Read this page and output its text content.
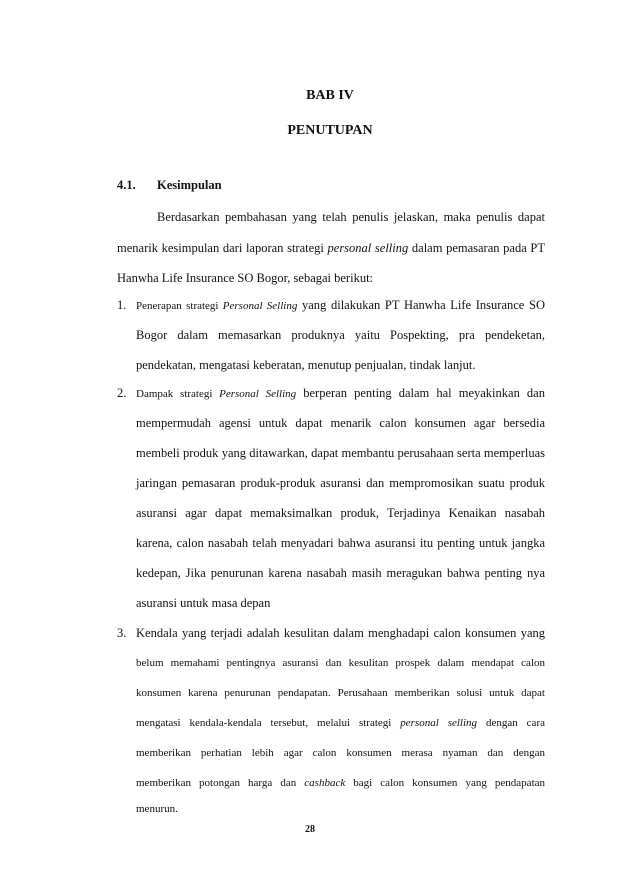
BAB IV
PENUTUPAN
4.1. Kesimpulan
Berdasarkan pembahasan yang telah penulis jelaskan, maka penulis dapat
menarik kesimpulan dari laporan strategi personal selling dalam pemasaran pada PT
Hanwha Life Insurance SO Bogor, sebagai berikut:
1. Penerapan strategi Personal Selling yang dilakukan PT Hanwha Life Insurance SO
Bogor dalam memasarkan produknya yaitu Pospekting, pra pendeketan,
pendekatan, mengatasi keberatan, menutup penjualan, tindak lanjut.
2. Dampak strategi Personal Selling berperan penting dalam hal meyakinkan dan
mempermudah agensi untuk dapat menarik calon konsumen agar bersedia
membeli produk yang ditawarkan, dapat membantu perusahaan serta memperluas
jaringan pemasaran produk-produk asuransi dan mempromosikan suatu produk
asuransi agar dapat memaksimalkan produk, Terjadinya Kenaikan nasabah
karena, calon nasabah telah menyadari bahwa asuransi itu penting untuk jangka
kedepan, Jika penurunan karena nasabah masih meragukan bahwa penting nya
asuransi untuk masa depan
3. Kendala yang terjadi adalah kesulitan dalam menghadapi calon konsumen yang
belum memahami pentingnya asuransi dan kesulitan prospek dalam mendapat calon
konsumen karena penurunan pendapatan. Perusahaan memberikan solusi untuk dapat
mengatasi kendala-kendala tersebut, melalui strategi personal selling dengan cara
memberikan perhatian lebih agar calon konsumen merasa nyaman dan dengan
memberikan potongan harga dan cashback bagi calon konsumen yang pendapatan
menurun.
28
